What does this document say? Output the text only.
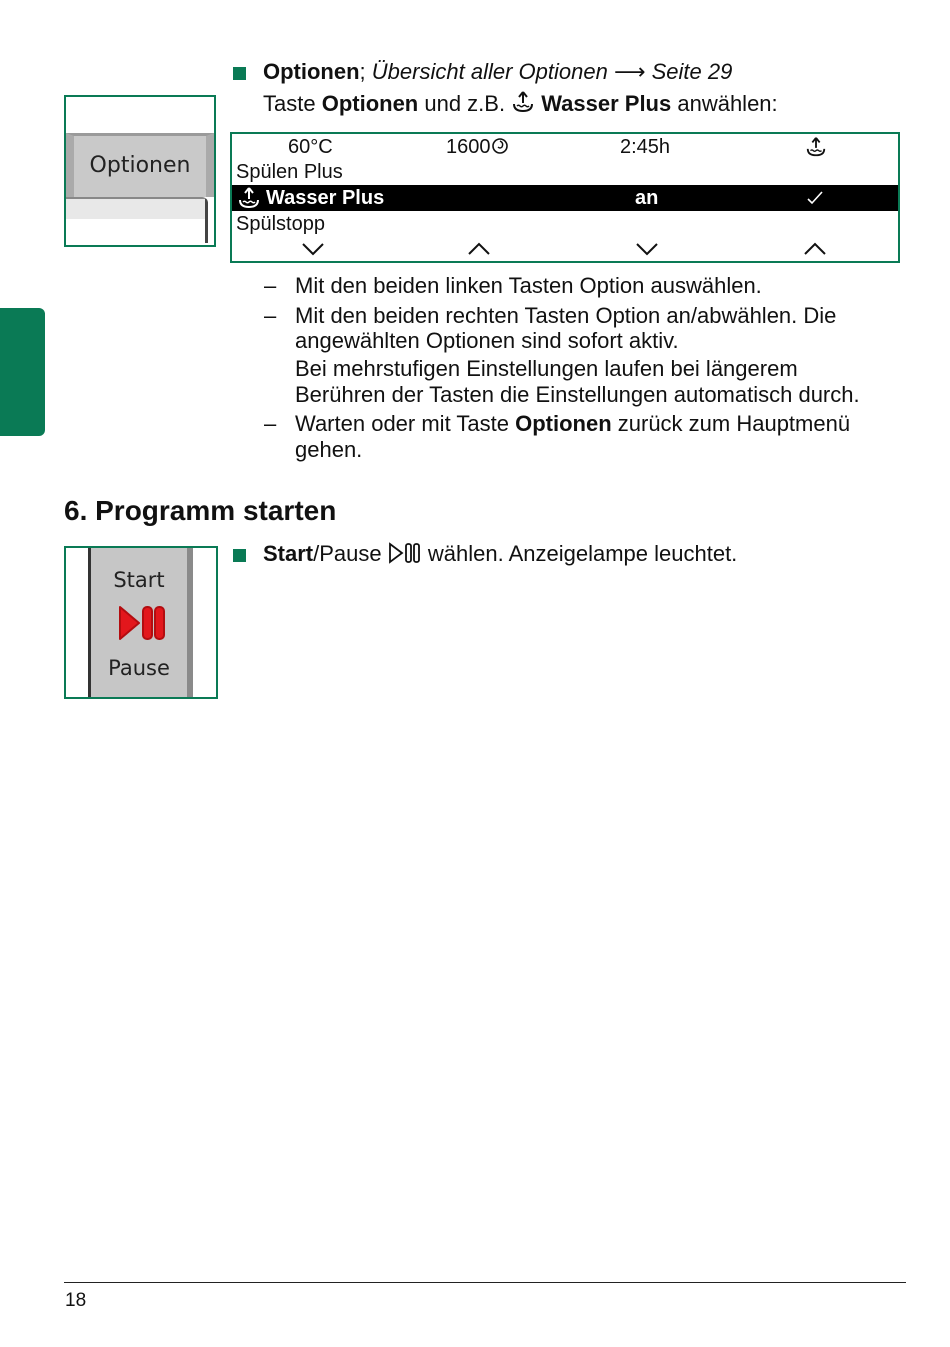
Optionen; Übersicht aller Optionen ⟶ Seite 29
Taste Optionen und z.B. Wasser Plus anwählen:
Optionen
60°C	1600	2:45h
Spülen Plus
Wasser Plus	an
Spülstopp
– Mit den beiden linken Tasten Option auswählen.
– Mit den beiden rechten Tasten Option an/abwählen. Die
angewählten Optionen sind sofort aktiv.
Bei mehrstufigen Einstellungen laufen bei längerem
Berühren der Tasten die Einstellungen automatisch durch.
– Warten oder mit Taste Optionen zurück zum Hauptmenü
gehen.
6. Programm starten
Start/Pause  wählen. Anzeigelampe leuchtet.
Start
Pause
18
